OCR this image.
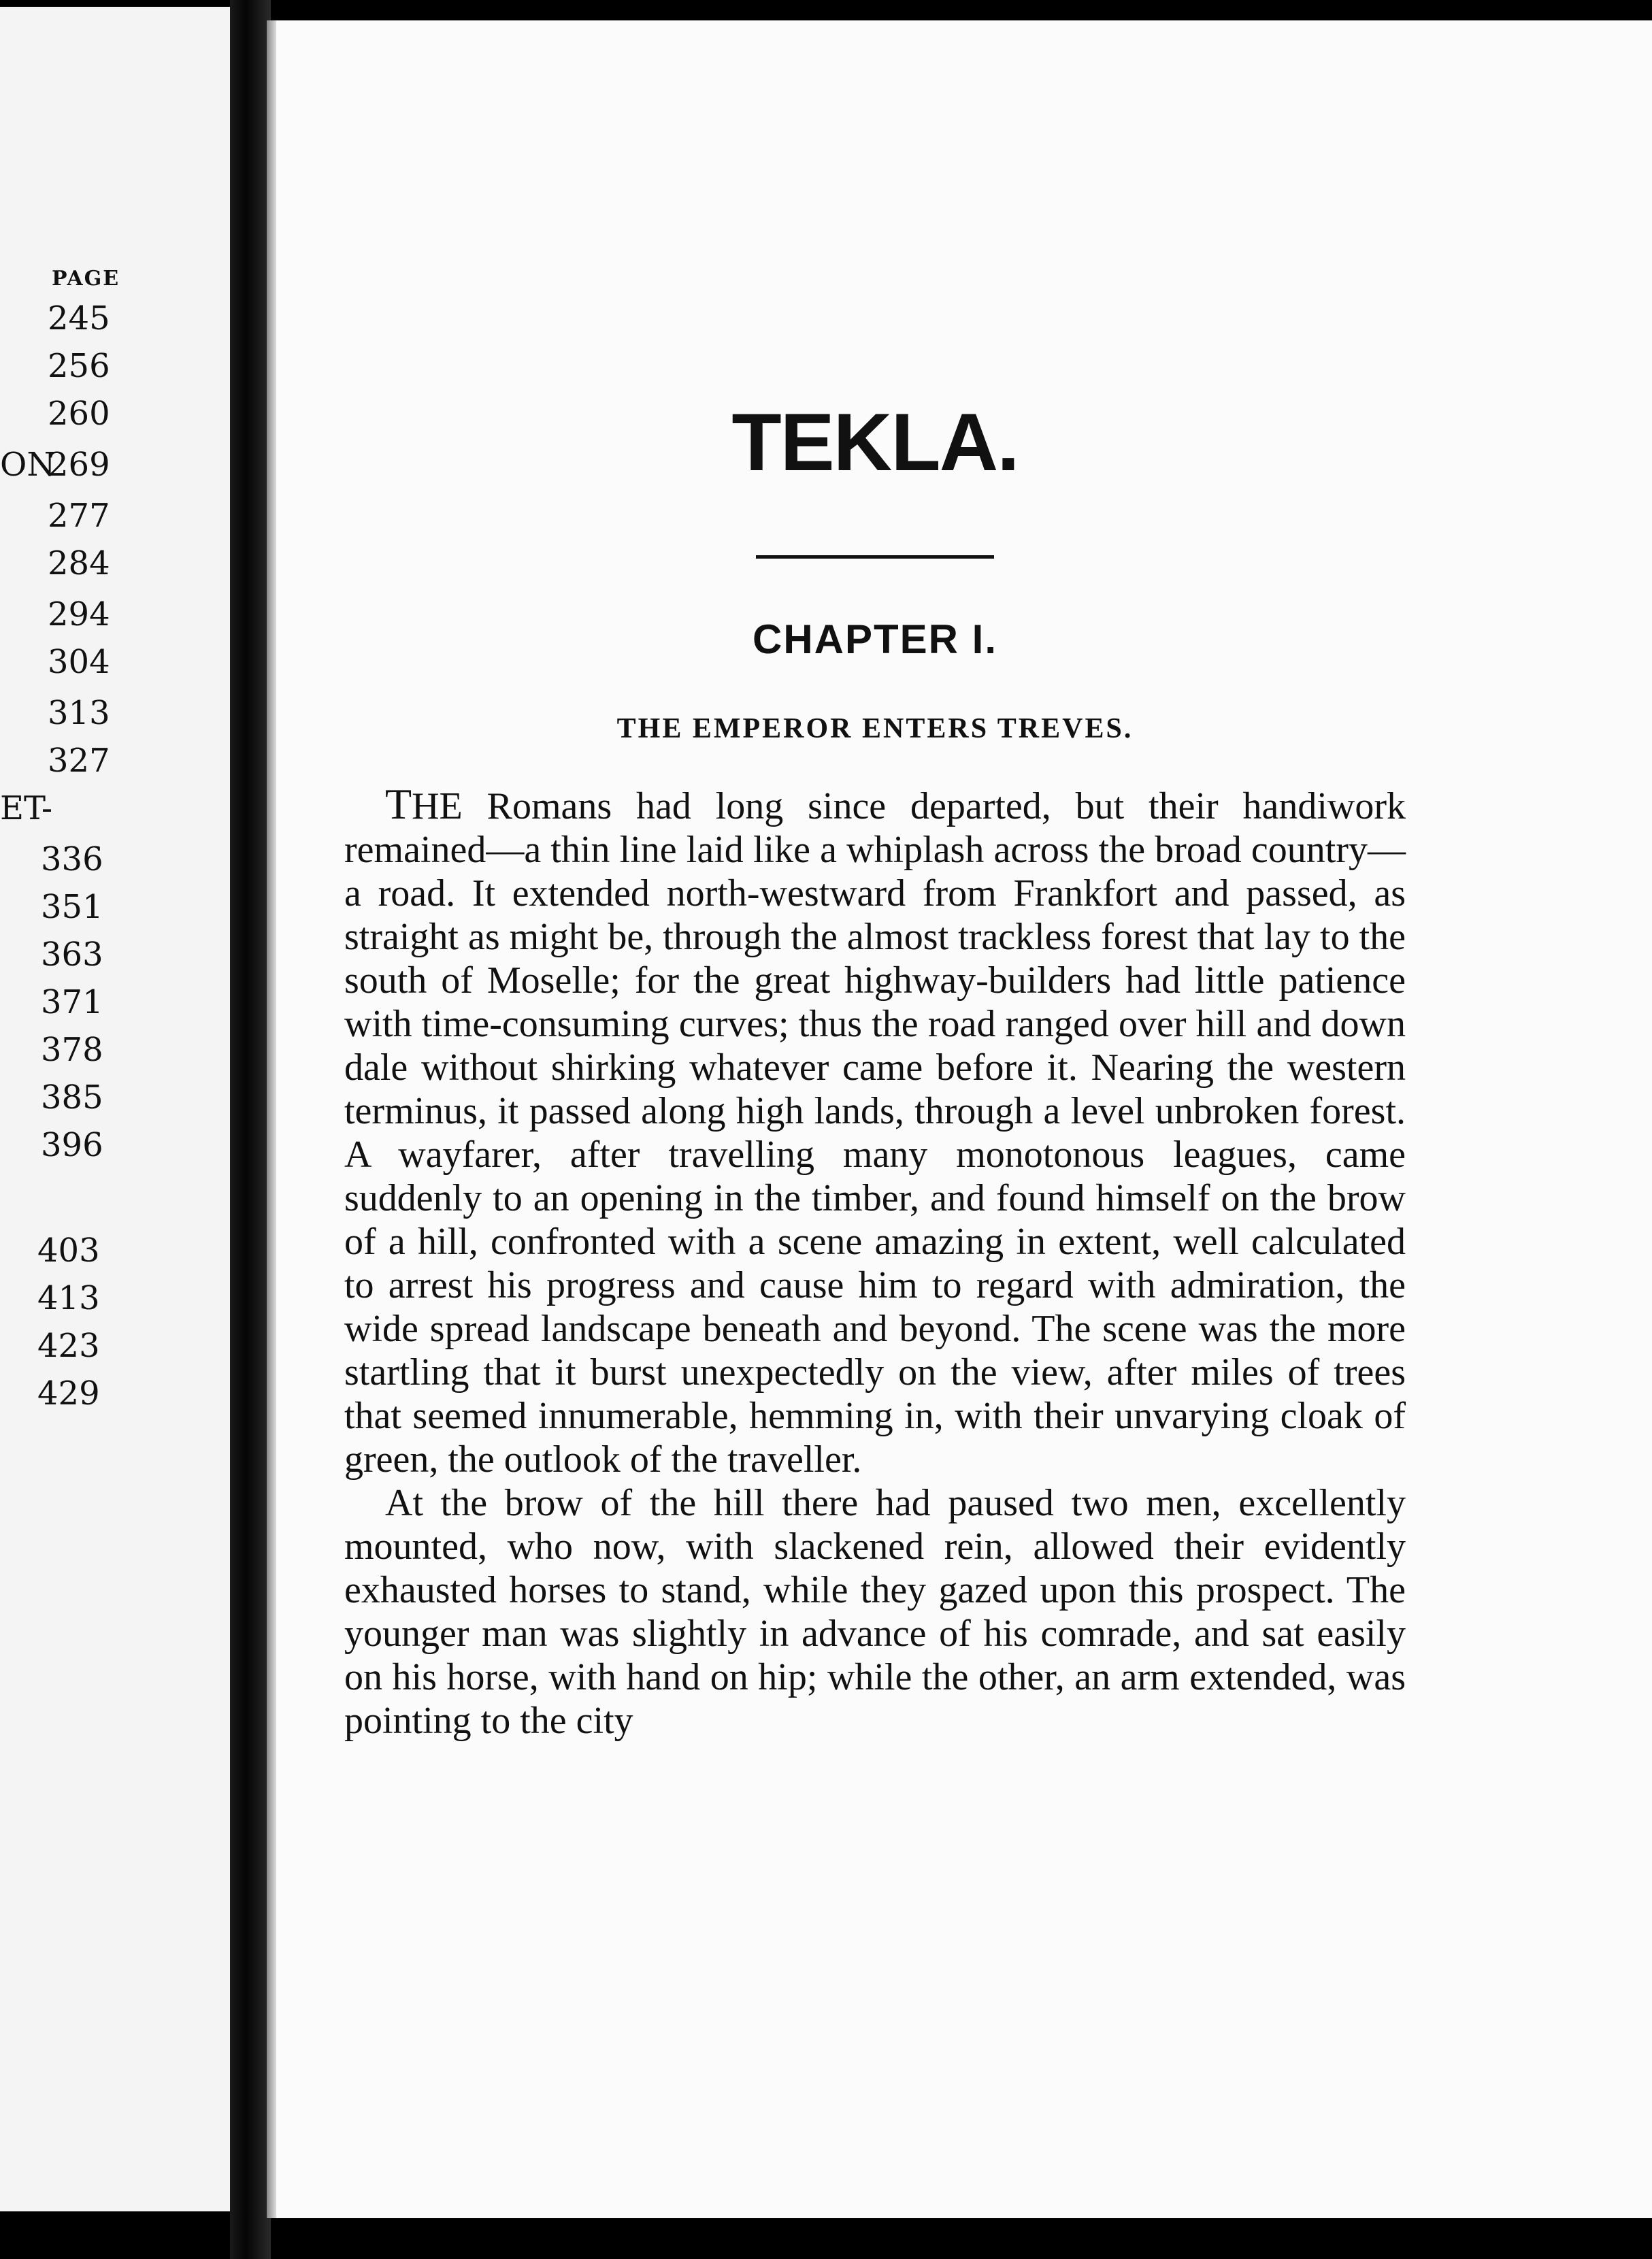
PAGE
245
256
260
ON
269
277
284
294
304
313
327
ET-
336
351
363
371
378
385
396
403
413
423
429
TEKLA.
CHAPTER I.
THE EMPEROR ENTERS TREVES.

THE Romans had long since departed, but their handiwork remained—a thin line laid like a whiplash across the broad country—a road. It extended north-westward from Frankfort and passed, as straight as might be, through the almost trackless forest that lay to the south of Moselle; for the great highway-builders had little patience with time-consuming curves; thus the road ranged over hill and down dale without shirking whatever came before it. Nearing the western terminus, it passed along high lands, through a level unbroken forest. A wayfarer, after travelling many monotonous leagues, came suddenly to an opening in the timber, and found himself on the brow of a hill, confronted with a scene amazing in extent, well calculated to arrest his progress and cause him to regard with admiration, the wide spread landscape beneath and beyond. The scene was the more startling that it burst unexpectedly on the view, after miles of trees that seemed innumerable, hemming in, with their unvarying cloak of green, the outlook of the traveller.

At the brow of the hill there had paused two men, excellently mounted, who now, with slackened rein, allowed their evidently exhausted horses to stand, while they gazed upon this prospect. The younger man was slightly in advance of his comrade, and sat easily on his horse, with hand on hip; while the other, an arm extended, was pointing to the city
